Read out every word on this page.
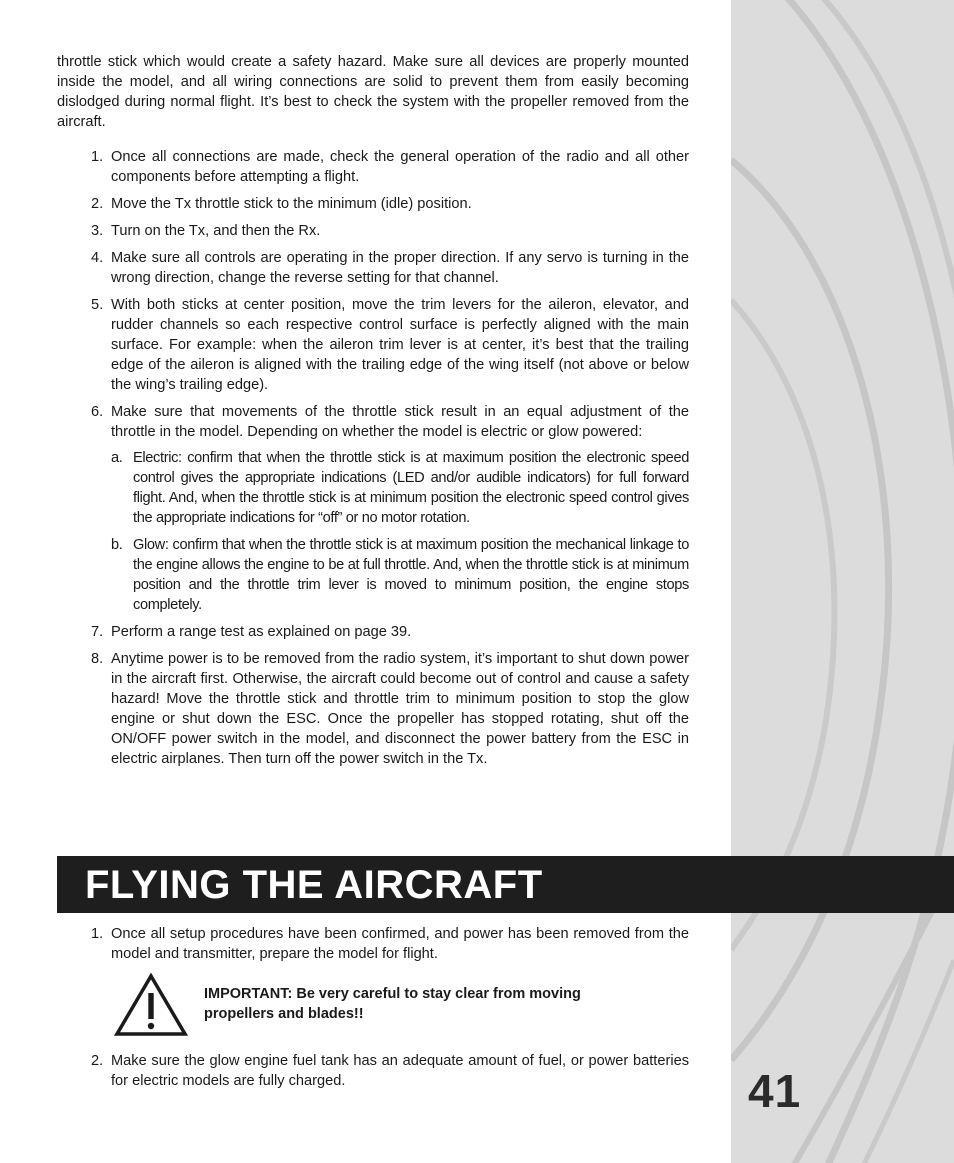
41

throttle stick which would create a safety hazard. Make sure all devices are properly mounted inside the model, and all wiring connections are solid to prevent them from easily becoming dislodged during normal flight. It’s best to check the system with the propeller removed from the aircraft.

1. Once all connections are made, check the general operation of the radio and all other components before attempting a flight.
2. Move the Tx throttle stick to the minimum (idle) position.
3. Turn on the Tx, and then the Rx.
4. Make sure all controls are operating in the proper direction. If any servo is turning in the wrong direction, change the reverse setting for that channel.
5. With both sticks at center position, move the trim levers for the aileron, elevator, and rudder channels so each respective control surface is perfectly aligned with the main surface. For example: when the aileron trim lever is at center, it’s best that the trailing edge of the aileron is aligned with the trailing edge of the wing itself (not above or below the wing’s trailing edge).
6. Make sure that movements of the throttle stick result in an equal adjustment of the throttle in the model. Depending on whether the model is electric or glow powered:
a. Electric: confirm that when the throttle stick is at maximum position the electronic speed control gives the appropriate indications (LED and/or audible indicators) for full forward flight. And, when the throttle stick is at minimum position the electronic speed control gives the appropriate indications for “off” or no motor rotation.
b. Glow: confirm that when the throttle stick is at maximum position the mechanical linkage to the engine allows the engine to be at full throttle. And, when the throttle stick is at minimum position and the throttle trim lever is moved to minimum position, the engine stops completely.
7. Perform a range test as explained on page 39.
8. Anytime power is to be removed from the radio system, it’s important to shut down power in the aircraft first. Otherwise, the aircraft could become out of control and cause a safety hazard! Move the throttle stick and throttle trim to minimum position to stop the glow engine or shut down the ESC. Once the propeller has stopped rotating, shut off the ON/OFF power switch in the model, and disconnect the power battery from the ESC in electric airplanes. Then turn off the power switch in the Tx.
FLYING THE AIRCRAFT
1. Once all setup procedures have been confirmed, and power has been removed from the model and transmitter, prepare the model for flight.
IMPORTANT: Be very careful to stay clear from moving propellers and blades!!
2. Make sure the glow engine fuel tank has an adequate amount of fuel, or power batteries for electric models are fully charged.
